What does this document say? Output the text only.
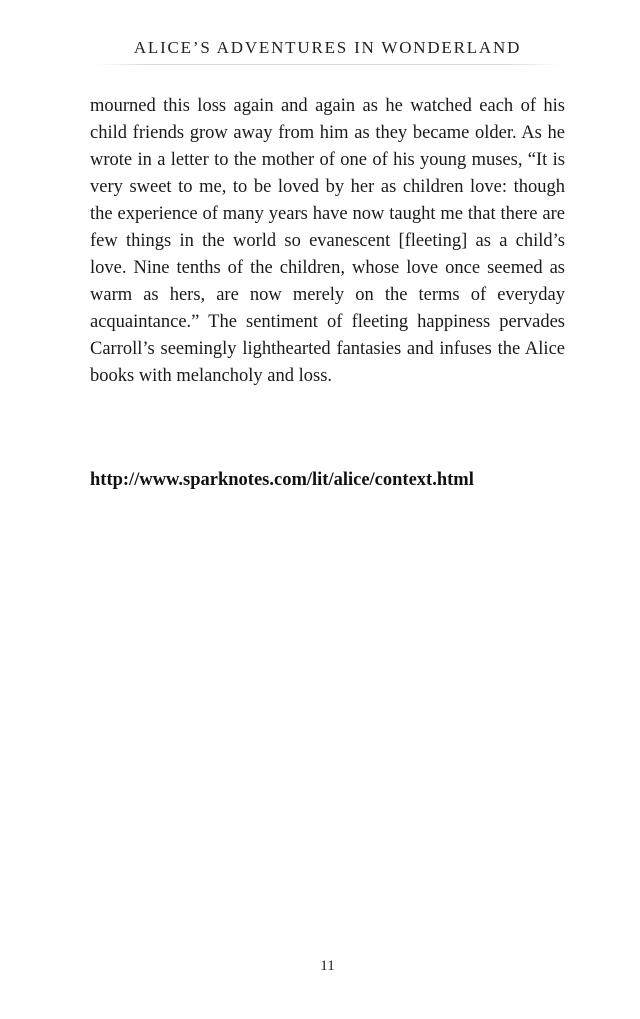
ALICE’S ADVENTURES IN WONDERLAND

mourned this loss again and again as he watched each of his child friends grow away from him as they became older. As he wrote in a letter to the mother of one of his young muses, “It is very sweet to me, to be loved by her as children love: though the experience of many years have now taught me that there are few things in the world so evanescent [fleeting] as a child’s love. Nine tenths of the children, whose love once seemed as warm as hers, are now merely on the terms of everyday acquaintance.” The sentiment of fleeting happiness pervades Carroll’s seemingly lighthearted fantasies and infuses the Alice books with melancholy and loss.

http://www.sparknotes.com/lit/alice/context.html
11
